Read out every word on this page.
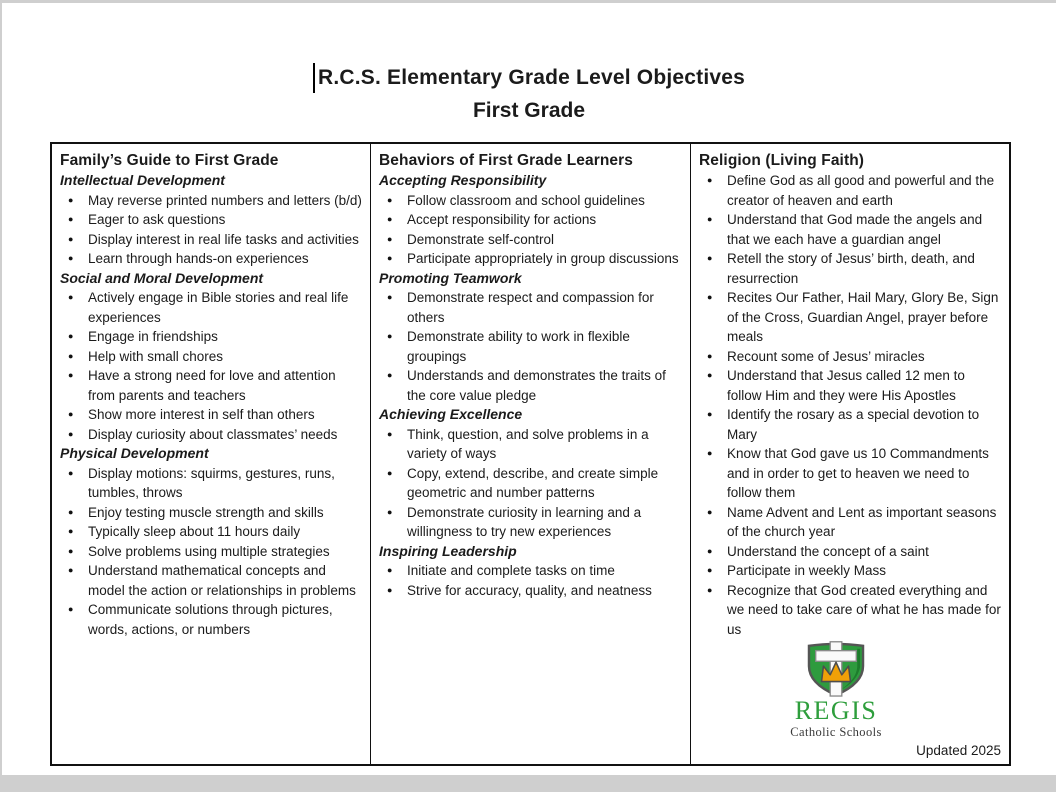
R.C.S. Elementary Grade Level Objectives
First Grade
Family’s Guide to First Grade
Intellectual Development
●	May reverse printed numbers and letters (b/d)
●	Eager to ask questions
●	Display interest in real life tasks and activities
●	Learn through hands-on experiences
Social and Moral Development
●	Actively engage in Bible stories and real life experiences
●	Engage in friendships
●	Help with small chores
●	Have a strong need for love and attention from parents and teachers
●	Show more interest in self than others
●	Display curiosity about classmates’ needs
Physical Development
●	Display motions: squirms, gestures, runs, tumbles, throws
●	Enjoy testing muscle strength and skills
●	Typically sleep about 11 hours daily
●	Solve problems using multiple strategies
●	Understand mathematical concepts and model the action or relationships in problems
●	Communicate solutions through pictures, words, actions, or numbers
Behaviors of First Grade Learners
Accepting Responsibility
●	Follow classroom and school guidelines
●	Accept responsibility for actions
●	Demonstrate self-control
●	Participate appropriately in group discussions
Promoting Teamwork
●	Demonstrate respect and compassion for others
●	Demonstrate ability to work in flexible groupings
●	Understands and demonstrates the traits of the core value pledge
Achieving Excellence
●	Think, question, and solve problems in a variety of ways
●	Copy, extend, describe, and create simple geometric and number patterns
●	Demonstrate curiosity in learning and a willingness to try new experiences
Inspiring Leadership
●	Initiate and complete tasks on time
●	Strive for accuracy, quality, and neatness
Religion (Living Faith)
●	Define God as all good and powerful and the creator of heaven and earth
●	Understand that God made the angels and that we each have a guardian angel
●	Retell the story of Jesus’ birth, death, and resurrection
●	Recites Our Father, Hail Mary, Glory Be, Sign of the Cross, Guardian Angel, prayer before meals
●	Recount some of Jesus’ miracles
●	Understand that Jesus called 12 men to follow Him and they were His Apostles
●	Identify the rosary as a special devotion to Mary
●	Know that God gave us 10 Commandments and in order to get to heaven we need to follow them
●	Name Advent and Lent as important seasons of the church year
●	Understand the concept of a saint
●	Participate in weekly Mass
●	Recognize that God created everything and we need to take care of what he has made for us
REGIS
Catholic Schools
Updated 2025
